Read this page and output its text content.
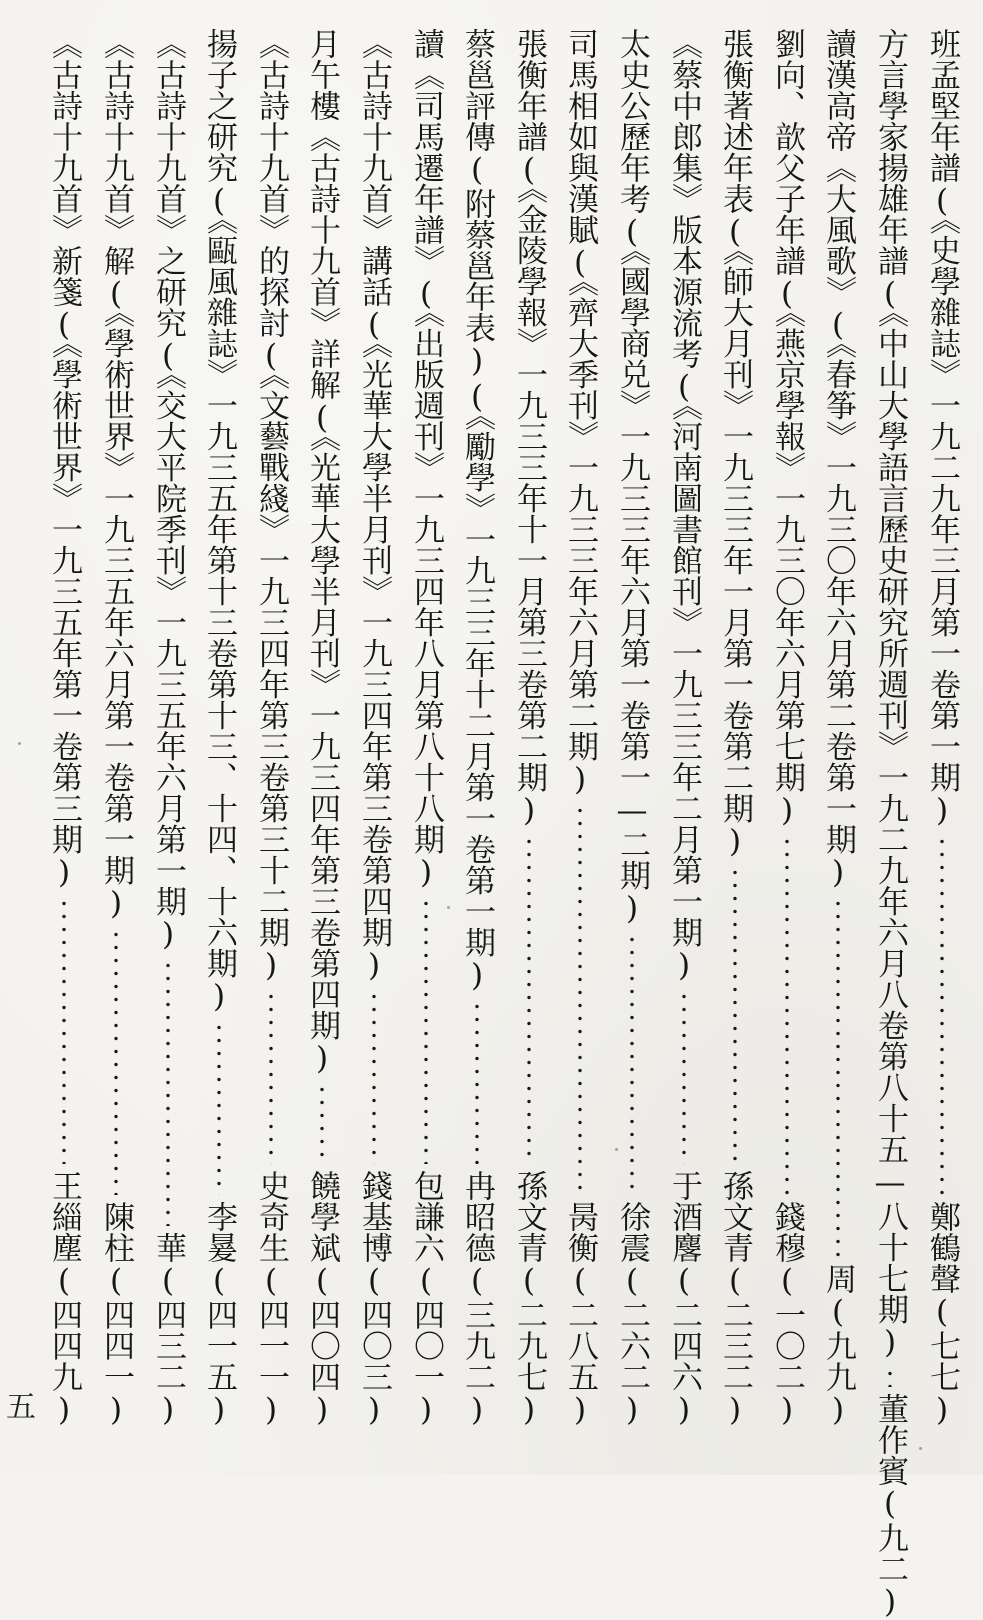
班孟堅年譜(《史學雜誌》一九二九年三月第一卷第一期)
鄭鶴聲(七七)
方言學家揚雄年譜(《中山大學語言歷史研究所週刊》一九二九年六月八卷第八十五—八十七期)
董作賓(九二)
讀漢高帝《大風歌》(《春筝》一九三〇年六月第二卷第一期)
周(九九)
劉向、歆父子年譜(《燕京學報》一九三〇年六月第七期)
錢穆(一〇二)
張衡著述年表(《師大月刊》一九三三年一月第一卷第二期)
孫文青(二三二)
《蔡中郎集》版本源流考(《河南圖書館刊》一九三三年二月第一期)
于酒麐(二四六)
太史公歷年考(《國學商兑》一九三三年六月第一卷第一—二期)
徐震(二六二)
司馬相如與漢賦(《齊大季刊》一九三三年六月第二期)
昺衡(二八五)
張衡年譜(《金陵學報》一九三三年十一月第三卷第二期)
孫文青(二九七)
蔡邕評傳(附蔡邕年表)(《勵學》一九三三年十二月第一卷第一期)
冉昭德(三九二)
讀《司馬遷年譜》(《出版週刊》一九三四年八月第八十八期)
包謙六(四〇一)
《古詩十九首》講話(《光華大學半月刊》一九三四年第三卷第四期)
錢基博(四〇三)
月午樓《古詩十九首》詳解(《光華大學半月刊》一九三四年第三卷第四期)
饒學斌(四〇四)
《古詩十九首》的探討(《文藝戰綫》一九三四年第三卷第三十二期)
史奇生(四一一)
揚子之研究(《甌風雜誌》一九三五年第十三卷第十三、十四、十六期)
李㬊(四一五)
《古詩十九首》之研究(《交大平院季刊》一九三五年六月第一期)
華(四三二)
《古詩十九首》解(《學術世界》一九三五年六月第一卷第一期)
陳柱(四四一)
《古詩十九首》新箋(《學術世界》一九三五年第一卷第三期)
王緇塵(四四九)
五
